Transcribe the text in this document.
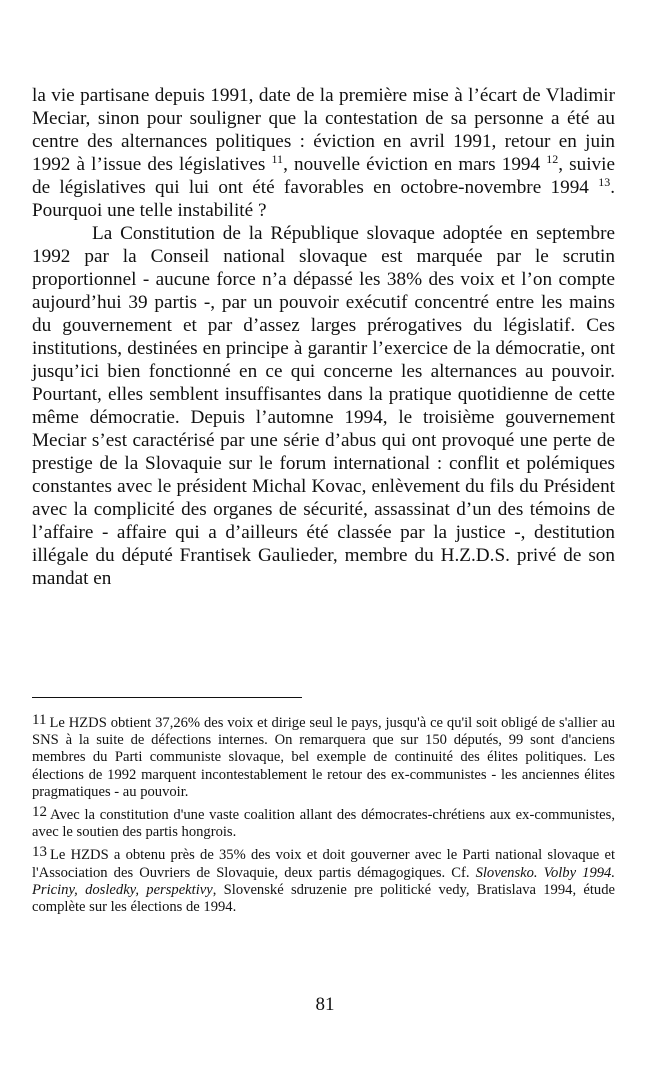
la vie partisane depuis 1991, date de la première mise à l’écart de Vladimir Meciar, sinon pour souligner que la contestation de sa personne a été au centre des alternances politiques : éviction en avril 1991, retour en juin 1992 à l’issue des législatives $^{11}$, nouvelle éviction en mars 1994 $^{12}$, suivie de législatives qui lui ont été favorables en octobre-novembre 1994 $^{13}$. Pourquoi une telle instabilité ?

La Constitution de la République slovaque adoptée en septembre 1992 par la Conseil national slovaque est marquée par le scrutin proportionnel - aucune force n’a dépassé les 38% des voix et l’on compte aujourd’hui 39 partis -, par un pouvoir exécutif concentré entre les mains du gouvernement et par d’assez larges prérogatives du législatif. Ces institutions, destinées en principe à garantir l’exercice de la démocratie, ont jusqu’ici bien fonctionné en ce qui concerne les alternances au pouvoir. Pourtant, elles semblent insuffisantes dans la pratique quotidienne de cette même démocratie. Depuis l’automne 1994, le troisième gouvernement Meciar s’est caractérisé par une série d’abus qui ont provoqué une perte de prestige de la Slovaquie sur le forum international : conflit et polémiques constantes avec le président Michal Kovac, enlèvement du fils du Président avec la complicité des organes de sécurité, assassinat d’un des témoins de l’affaire - affaire qui a d’ailleurs été classée par la justice -, destitution illégale du député Frantisek Gaulieder, membre du H.Z.D.S. privé de son mandat en

11 Le HZDS obtient 37,26% des voix et dirige seul le pays, jusqu'à ce qu'il soit obligé de s'allier au SNS à la suite de défections internes. On remarquera que sur 150 députés, 99 sont d'anciens membres du Parti communiste slovaque, bel exemple de continuité des élites politiques. Les élections de 1992 marquent incontestablement le retour des ex-communistes - les anciennes élites pragmatiques - au pouvoir.

12 Avec la constitution d'une vaste coalition allant des démocrates-chrétiens aux ex-communistes, avec le soutien des partis hongrois.

13 Le HZDS a obtenu près de 35% des voix et doit gouverner avec le Parti national slovaque et l'Association des Ouvriers de Slovaquie, deux partis démagogiques. Cf. Slovensko. Volby 1994. Priciny, dosledky, perspektivy, Slovenské sdruzenie pre politické vedy, Bratislava 1994, étude complète sur les élections de 1994.

81
